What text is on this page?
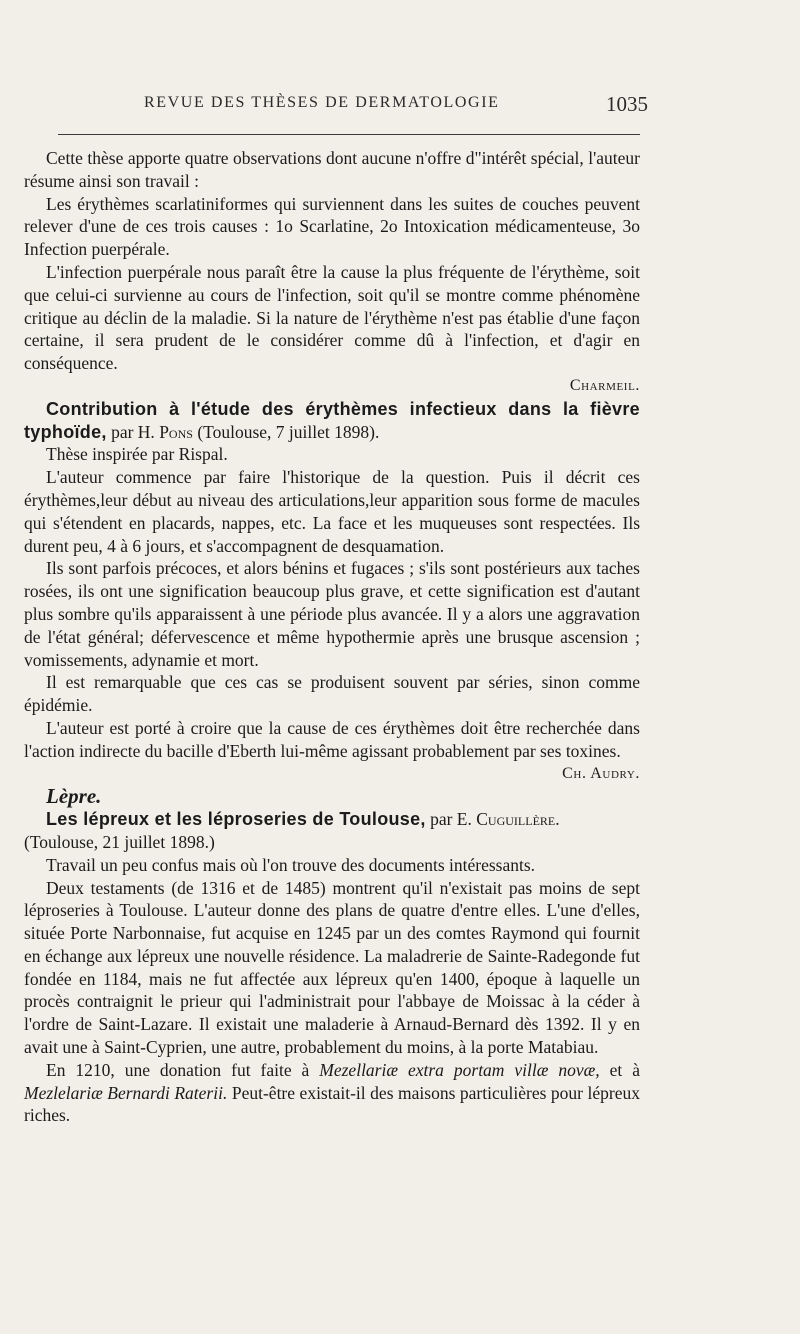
REVUE DES THÈSES DE DERMATOLOGIE	1035

Cette thèse apporte quatre observations dont aucune n'offre d"intérêt spécial, l'auteur résume ainsi son travail :

Les érythèmes scarlatiniformes qui surviennent dans les suites de couches peuvent relever d'une de ces trois causes : 1o Scarlatine, 2o Intoxication médicamenteuse, 3o Infection puerpérale.

L'infection puerpérale nous paraît être la cause la plus fréquente de l'érythème, soit que celui-ci survienne au cours de l'infection, soit qu'il se montre comme phénomène critique au déclin de la maladie. Si la nature de l'érythème n'est pas établie d'une façon certaine, il sera prudent de le considérer comme dû à l'infection, et d'agir en conséquence.

Charmeil.

Contribution à l'étude des érythèmes infectieux dans la fièvre typhoïde, par H. Pons (Toulouse, 7 juillet 1898).

Thèse inspirée par Rispal.

L'auteur commence par faire l'historique de la question. Puis il décrit ces érythèmes,leur début au niveau des articulations,leur apparition sous forme de macules qui s'étendent en placards, nappes, etc. La face et les muqueuses sont respectées. Ils durent peu, 4 à 6 jours, et s'accompagnent de desquamation.

Ils sont parfois précoces, et alors bénins et fugaces ; s'ils sont postérieurs aux taches rosées, ils ont une signification beaucoup plus grave, et cette signification est d'autant plus sombre qu'ils apparaissent à une période plus avancée. Il y a alors une aggravation de l'état général; défervescence et même hypothermie après une brusque ascension ; vomissements, adynamie et mort.

Il est remarquable que ces cas se produisent souvent par séries, sinon comme épidémie.

L'auteur est porté à croire que la cause de ces érythèmes doit être recherchée dans l'action indirecte du bacille d'Eberth lui-même agissant probablement par ses toxines.
Ch. Audry.

Lèpre.

Les lépreux et les léproseries de Toulouse, par E. Cuguillère.

(Toulouse, 21 juillet 1898.)

Travail un peu confus mais où l'on trouve des documents intéressants.

Deux testaments (de 1316 et de 1485) montrent qu'il n'existait pas moins de sept léproseries à Toulouse. L'auteur donne des plans de quatre d'entre elles. L'une d'elles, située Porte Narbonnaise, fut acquise en 1245 par un des comtes Raymond qui fournit en échange aux lépreux une nouvelle résidence. La maladrerie de Sainte-Radegonde fut fondée en 1184, mais ne fut affectée aux lépreux qu'en 1400, époque à laquelle un procès contraignit le prieur qui l'administrait pour l'abbaye de Moissac à la céder à l'ordre de Saint-Lazare. Il existait une maladerie à Arnaud-Bernard dès 1392. Il y en avait une à Saint-Cyprien, une autre, probablement du moins, à la porte Matabiau.

En 1210, une donation fut faite à Mezellariæ extra portam villæ novæ, et à Mezlelariæ Bernardi Raterii. Peut-être existait-il des maisons particulières pour lépreux riches.
